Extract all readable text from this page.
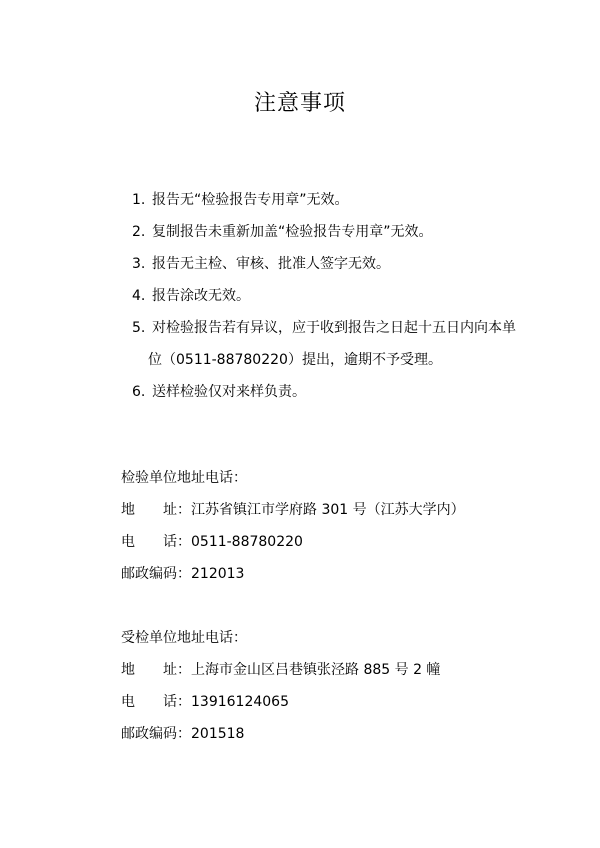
注意事项
1. 报告无“检验报告专用章”无效。
2. 复制报告未重新加盖“检验报告专用章”无效。
3. 报告无主检、审核、批准人签字无效。
4. 报告涂改无效。
5. 对检验报告若有异议，应于收到报告之日起十五日内向本单
位（0511-88780220）提出，逾期不予受理。
6. 送样检验仅对来样负责。
检验单位地址电话：
地 址： 江苏省镇江市学府路 301 号（江苏大学内）
电 话： 0511-88780220
邮政编码： 212013
受检单位地址电话：
地 址： 上海市金山区吕巷镇张泾路 885 号 2 幢
电 话： 13916124065
邮政编码： 201518
